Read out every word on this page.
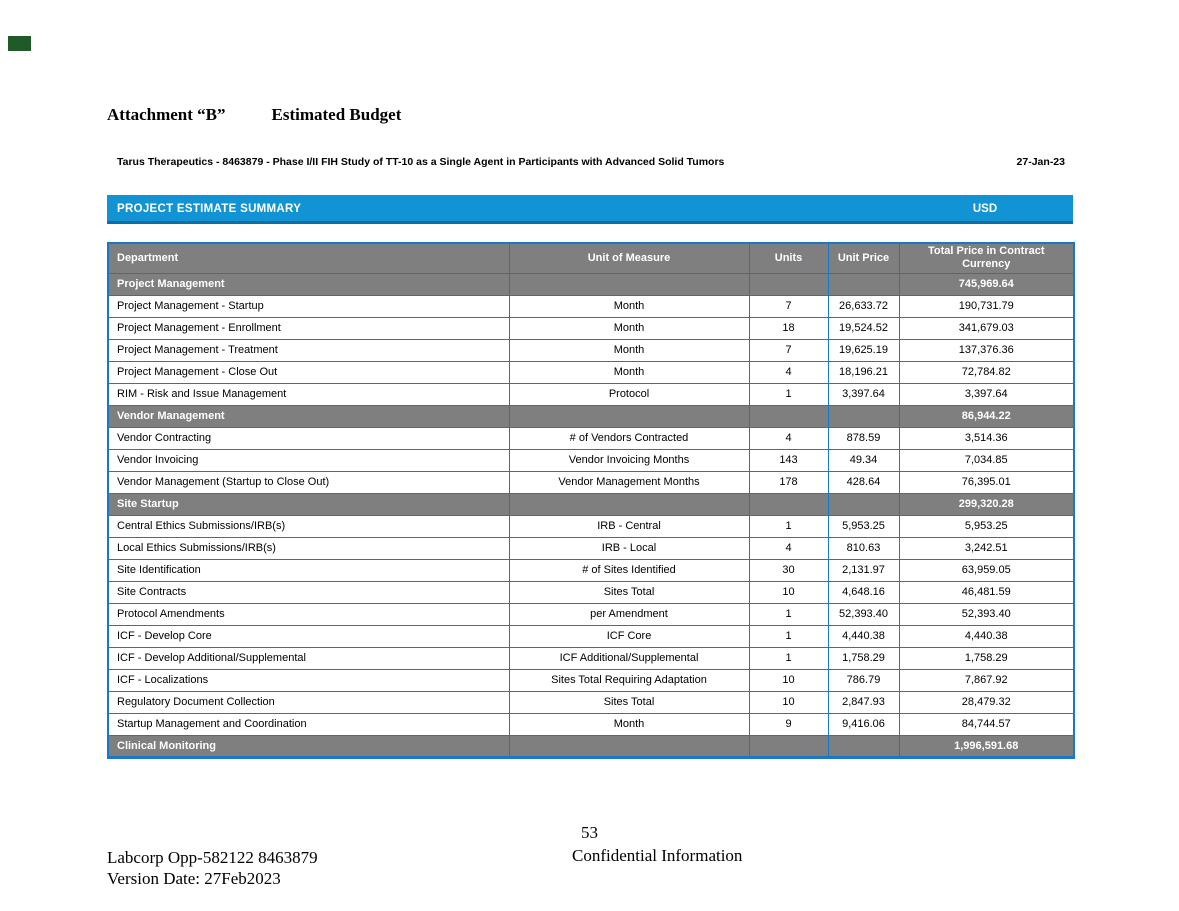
Attachment “B”	Estimated Budget
Tarus Therapeutics - 8463879 - Phase I/II FIH Study of TT-10 as a Single Agent in Participants with Advanced Solid Tumors	27-Jan-23
PROJECT ESTIMATE SUMMARY	USD
Department	Unit of Measure	Units	Unit Price	Total Price in Contract Currency
Project Management				745,969.64
Project Management - Startup	Month	7	26,633.72	190,731.79
Project Management - Enrollment	Month	18	19,524.52	341,679.03
Project Management - Treatment	Month	7	19,625.19	137,376.36
Project Management - Close Out	Month	4	18,196.21	72,784.82
RIM - Risk and Issue Management	Protocol	1	3,397.64	3,397.64
Vendor Management				86,944.22
Vendor Contracting	# of Vendors Contracted	4	878.59	3,514.36
Vendor Invoicing	Vendor Invoicing Months	143	49.34	7,034.85
Vendor Management (Startup to Close Out)	Vendor Management Months	178	428.64	76,395.01
Site Startup				299,320.28
Central Ethics Submissions/IRB(s)	IRB - Central	1	5,953.25	5,953.25
Local Ethics Submissions/IRB(s)	IRB - Local	4	810.63	3,242.51
Site Identification	# of Sites Identified	30	2,131.97	63,959.05
Site Contracts	Sites Total	10	4,648.16	46,481.59
Protocol Amendments	per Amendment	1	52,393.40	52,393.40
ICF - Develop Core	ICF Core	1	4,440.38	4,440.38
ICF - Develop Additional/Supplemental	ICF Additional/Supplemental	1	1,758.29	1,758.29
ICF - Localizations	Sites Total Requiring Adaptation	10	786.79	7,867.92
Regulatory Document Collection	Sites Total	10	2,847.93	28,479.32
Startup Management and Coordination	Month	9	9,416.06	84,744.57
Clinical Monitoring				1,996,591.68
53
Confidential Information
Labcorp Opp-582122 8463879
Version Date: 27Feb2023
